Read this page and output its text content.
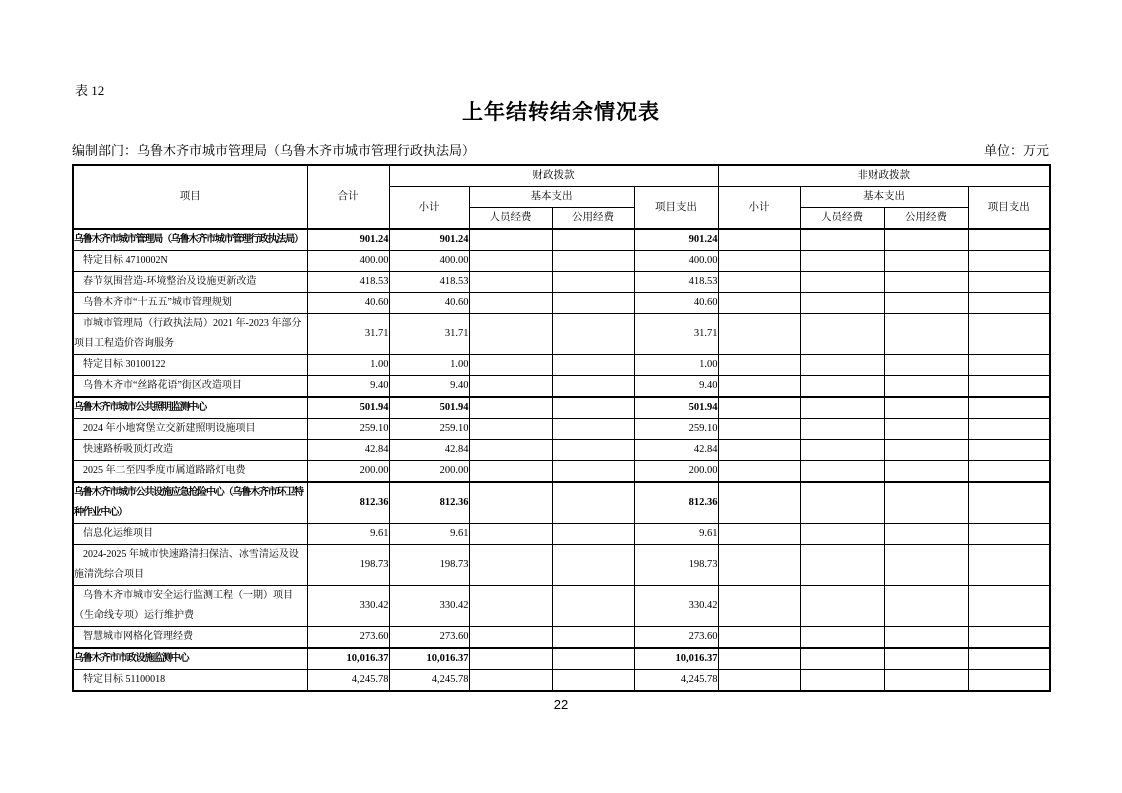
表 12
上年结转结余情况表
编制部门：乌鲁木齐市城市管理局（乌鲁木齐市城市管理行政执法局）	单位：万元
项目	合计	财政拨款				非财政拨款			
		小计	基本支出		项目支出	小计	基本支出		项目支出
			人员经费	公用经费			人员经费	公用经费	
乌鲁木齐市城市管理局（乌鲁木齐市城市管理行政执法局）	901.24	901.24			901.24				
特定目标 4710002N	400.00	400.00			400.00				
春节氛围营造-环境整治及设施更新改造	418.53	418.53			418.53				
乌鲁木齐市“十五五”城市管理规划	40.60	40.60			40.60				
市城市管理局（行政执法局）2021 年-2023 年部分项目工程造价咨询服务	31.71	31.71			31.71				
特定目标 30100122	1.00	1.00			1.00				
乌鲁木齐市“丝路花语”街区改造项目	9.40	9.40			9.40				
乌鲁木齐市城市公共照明监测中心	501.94	501.94			501.94				
2024 年小地窝堡立交新建照明设施项目	259.10	259.10			259.10				
快速路桥吸顶灯改造	42.84	42.84			42.84				
2025 年二至四季度市属道路路灯电费	200.00	200.00			200.00				
乌鲁木齐市城市公共设施应急抢险中心（乌鲁木齐市环卫特种作业中心）	812.36	812.36			812.36				
信息化运维项目	9.61	9.61			9.61				
2024-2025 年城市快速路清扫保洁、冰雪清运及设施清洗综合项目	198.73	198.73			198.73				
乌鲁木齐市城市安全运行监测工程（一期）项目（生命线专项）运行维护费	330.42	330.42			330.42				
智慧城市网格化管理经费	273.60	273.60			273.60				
乌鲁木齐市市政设施监测中心	10,016.37	10,016.37			10,016.37				
特定目标 51100018	4,245.78	4,245.78			4,245.78				
22
